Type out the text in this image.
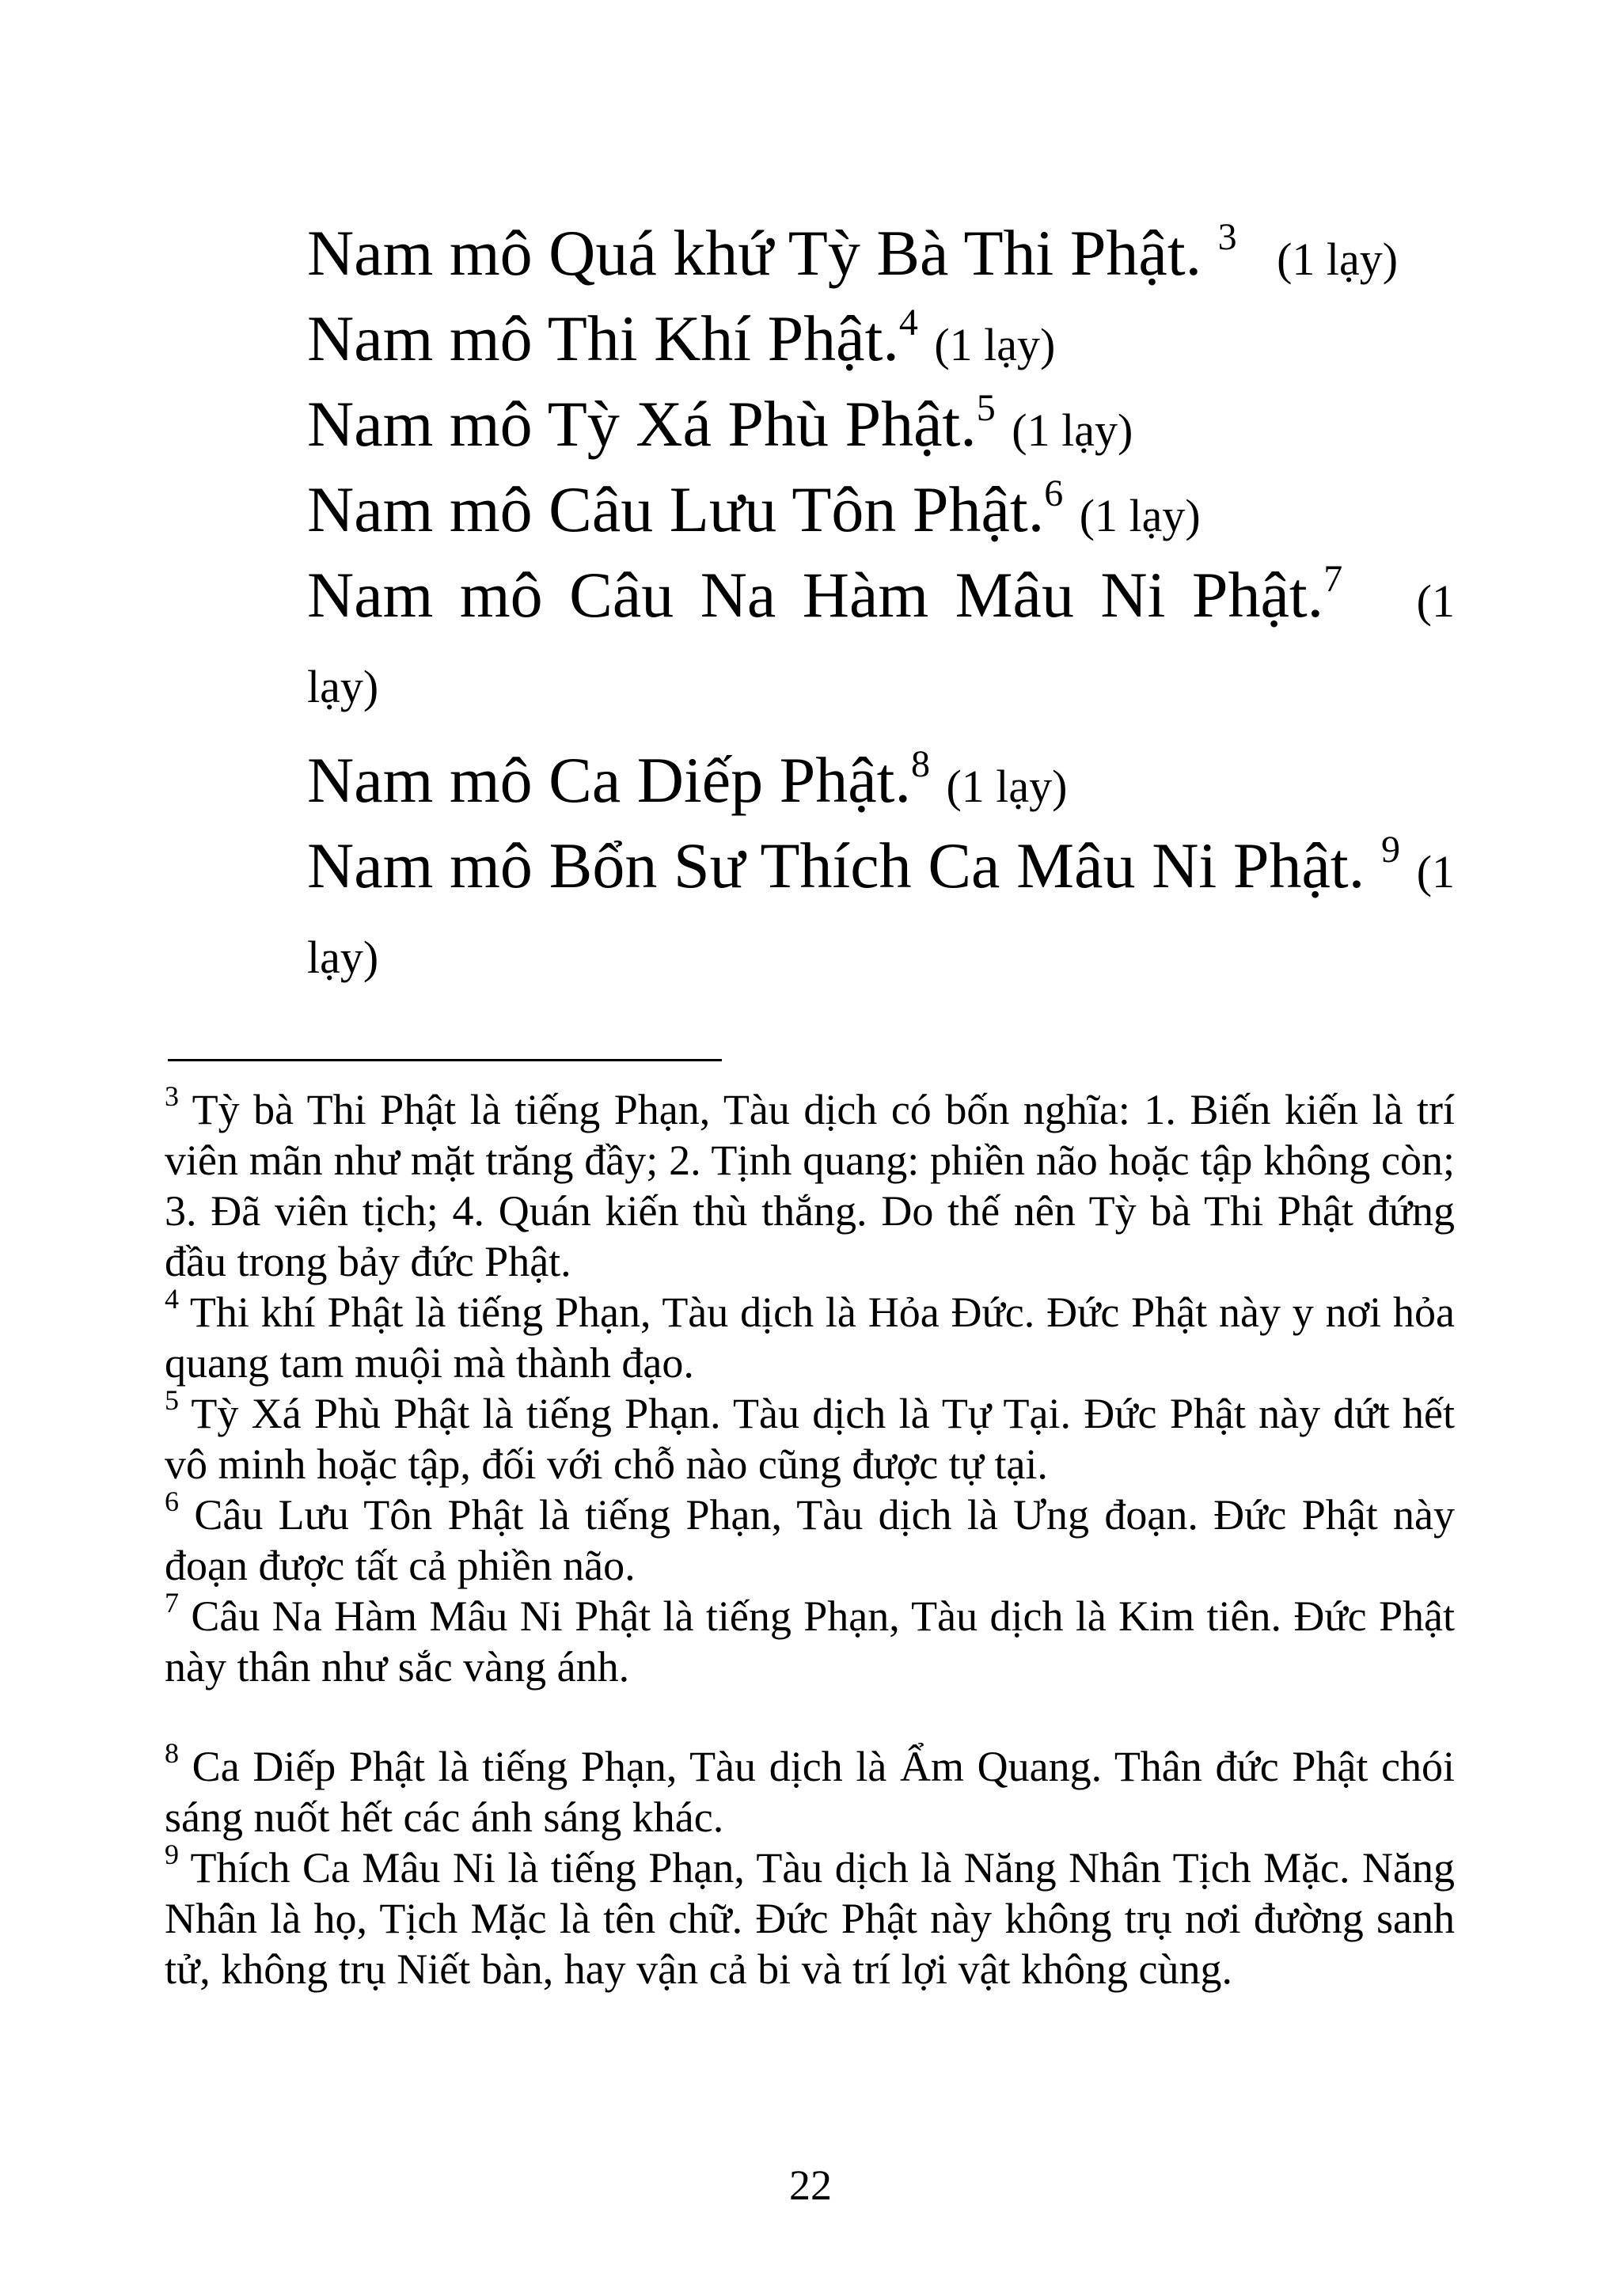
Nam mô Quá khứ Tỳ Bà Thi Phật. $^3$ (1 lạy)

Nam mô Thi Khí Phật.$^4$ (1 lạy)

Nam mô Tỳ Xá Phù Phật.$^5$ (1 lạy)

Nam mô Câu Lưu Tôn Phật.$^6$ (1 lạy)

Nam mô Câu Na Hàm Mâu Ni Phật.$^7$ (1 lạy)

Nam mô Ca Diếp Phật.$^8$ (1 lạy)

Nam mô Bổn Sư Thích Ca Mâu Ni Phật. $^9$ (1 lạy)

$^3$ Tỳ bà Thi Phật là tiếng Phạn, Tàu dịch có bốn nghĩa: 1. Biến kiến là trí viên mãn như mặt trăng đầy; 2. Tịnh quang: phiền não hoặc tập không còn; 3. Đã viên tịch; 4. Quán kiến thù thắng. Do thế nên Tỳ bà Thi Phật đứng đầu trong bảy đức Phật.

$^4$ Thi khí Phật là tiếng Phạn, Tàu dịch là Hỏa Đức. Đức Phật này y nơi hỏa quang tam muội mà thành đạo.

$^5$ Tỳ Xá Phù Phật là tiếng Phạn. Tàu dịch là Tự Tại. Đức Phật này dứt hết vô minh hoặc tập, đối với chỗ nào cũng được tự tại.

$^6$ Câu Lưu Tôn Phật là tiếng Phạn, Tàu dịch là Ưng đoạn. Đức Phật này đoạn được tất cả phiền não.

$^7$ Câu Na Hàm Mâu Ni Phật là tiếng Phạn, Tàu dịch là Kim tiên. Đức Phật này thân như sắc vàng ánh.

$^8$ Ca Diếp Phật là tiếng Phạn, Tàu dịch là Ẩm Quang. Thân đức Phật chói sáng nuốt hết các ánh sáng khác.

$^9$ Thích Ca Mâu Ni là tiếng Phạn, Tàu dịch là Năng Nhân Tịch Mặc. Năng Nhân là họ, Tịch Mặc là tên chữ. Đức Phật này không trụ nơi đường sanh tử, không trụ Niết bàn, hay vận cả bi và trí lợi vật không cùng.

22
